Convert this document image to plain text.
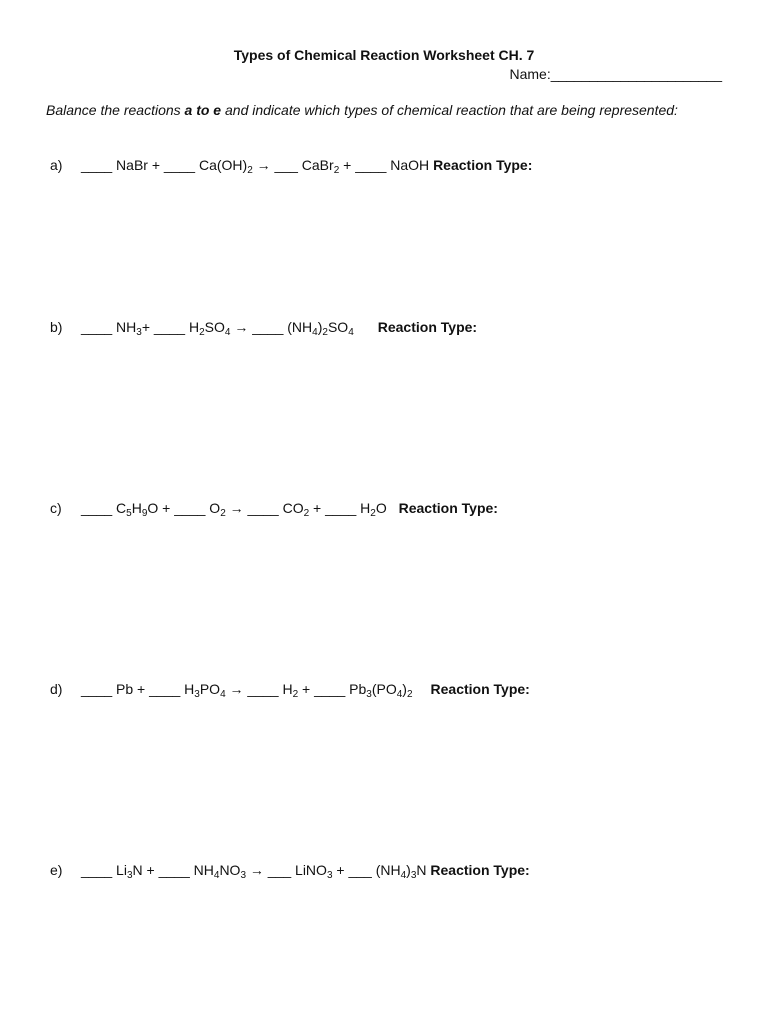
Types of Chemical Reaction Worksheet CH. 7
Name:______________________
Balance the reactions a to e and indicate which types of chemical reaction that are being represented:
a) ____ NaBr + ____ $Ca(OH)_2$ → ___ CaBr$_2$ + ____ NaOH Reaction Type:
b) ____ $NH_3+$ ____ $H_2SO_4$ → ____ $(NH_4)_2SO_4$ Reaction Type:
c) ____ $C_5H_9O$ + ____ $O_2$ → ____ $CO_2$ + ____ $H_2O$ Reaction Type:
d) ____ Pb + ____ $H_3PO_4$ → ____ $H_2$ + ____ $Pb_3(PO_4)_2$ Reaction Type:
e) ____ $Li_3N$ + ____ $NH_4NO_3$ → ___ LiNO$_3$ + ___ $(NH_4)_3N$ Reaction Type:
